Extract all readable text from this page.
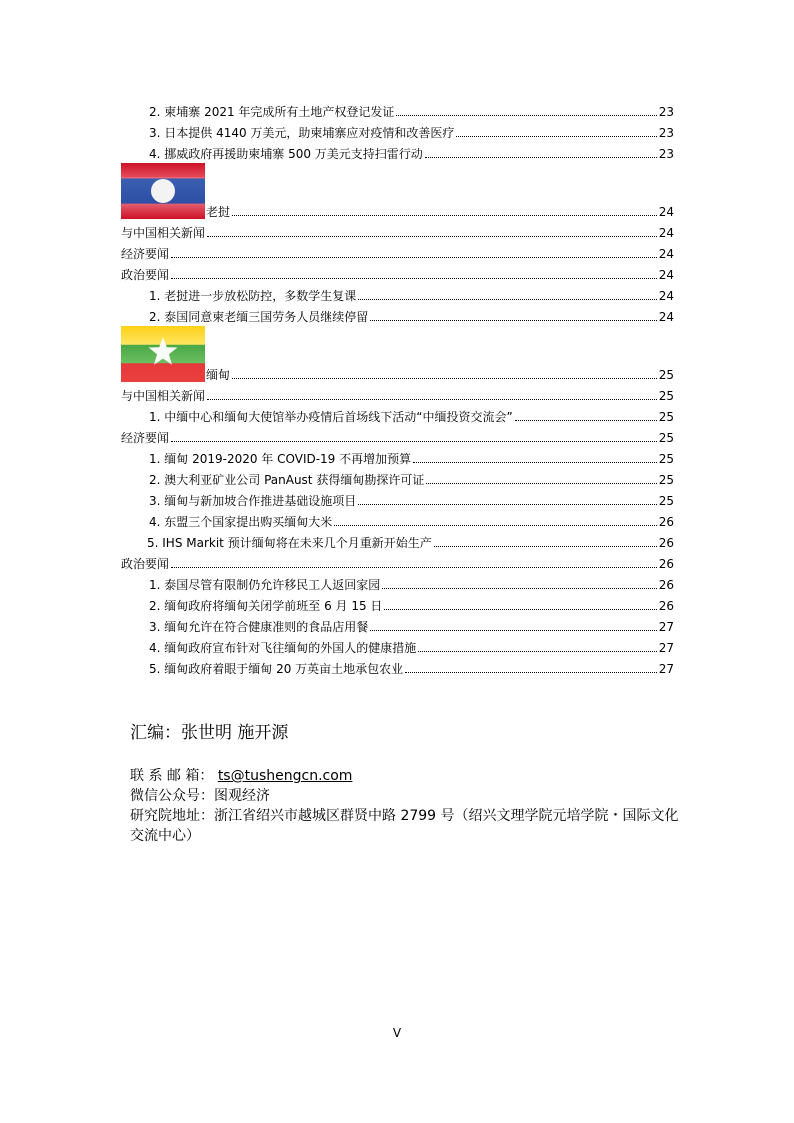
2. 柬埔寨 2021 年完成所有土地产权登记发证	23
3. 日本提供 4140 万美元，助柬埔寨应对疫情和改善医疗	23
4. 挪威政府再援助柬埔寨 500 万美元支持扫雷行动	23
老挝	24
与中国相关新闻	24
经济要闻	24
政治要闻	24
1. 老挝进一步放松防控，多数学生复课	24
2. 泰国同意柬老缅三国劳务人员继续停留	24
缅甸	25
与中国相关新闻	25
1. 中缅中心和缅甸大使馆举办疫情后首场线下活动“中缅投资交流会”	25
经济要闻	25
1. 缅甸 2019-2020 年 COVID-19 不再增加预算	25
2. 澳大利亚矿业公司 PanAust 获得缅甸勘探许可证	25
3. 缅甸与新加坡合作推进基础设施项目	25
4. 东盟三个国家提出购买缅甸大米	26
5. IHS Markit 预计缅甸将在未来几个月重新开始生产	26
政治要闻	26
1. 泰国尽管有限制仍允许移民工人返回家园	26
2. 缅甸政府将缅甸关闭学前班至 6 月 15 日	26
3. 缅甸允许在符合健康准则的食品店用餐	27
4. 缅甸政府宣布针对飞往缅甸的外国人的健康措施	27
5. 缅甸政府着眼于缅甸 20 万英亩土地承包农业	27
汇编：张世明 施开源
联 系 邮 箱： ts@tushengcn.com
微信公众号：图观经济
研究院地址：浙江省绍兴市越城区群贤中路 2799 号（绍兴文理学院元培学院・国际文化交流中心）
V
